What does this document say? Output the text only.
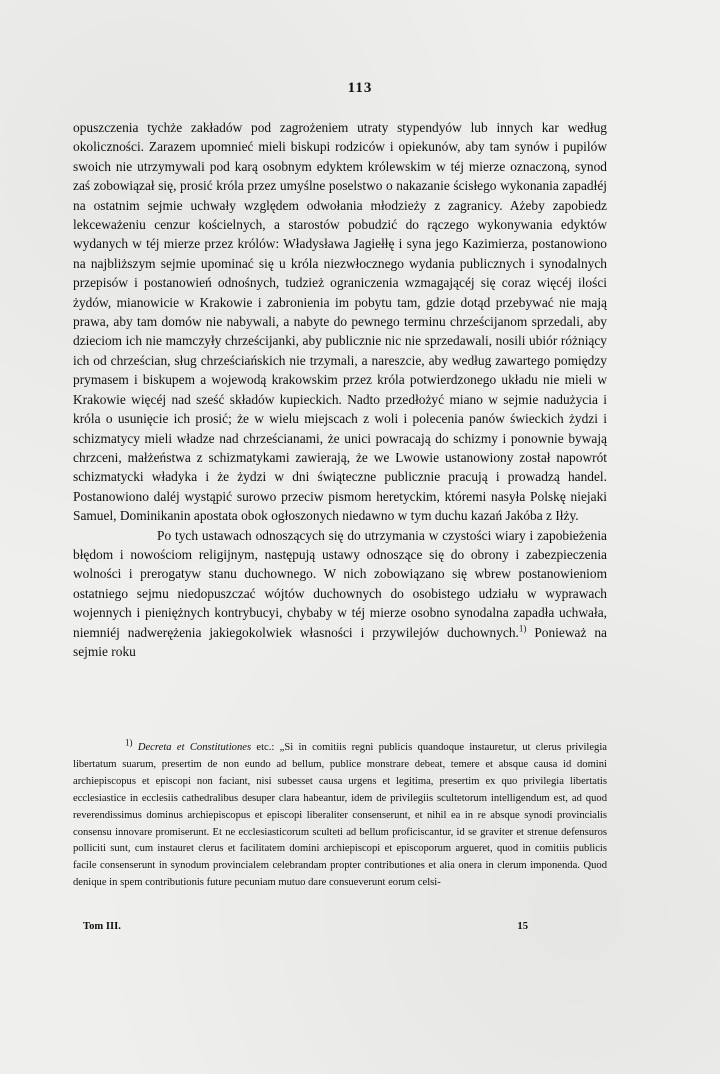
113

opuszczenia tychże zakładów pod zagrożeniem utraty stypendyów lub innych kar według okoliczności. Zarazem upomnieć mieli biskupi rodziców i opiekunów, aby tam synów i pupilów swoich nie utrzymywali pod karą osobnym edyktem królewskim w téj mierze oznaczoną, synod zaś zobowiązał się, prosić króla przez umyślne poselstwo o nakazanie ścisłego wykonania zapadłéj na ostatnim sejmie uchwały względem odwołania młodzieży z zagranicy. Ażeby zapobiedz lekceważeniu cenzur kościelnych, a starostów pobudzić do rączego wykonywania edyktów wydanych w téj mierze przez królów: Władysława Jagiełłę i syna jego Kazimierza, postanowiono na najbliższym sejmie upominać się u króla niezwłocznego wydania publicznych i synodalnych przepisów i postanowień odnośnych, tudzież ograniczenia wzmagającéj się coraz więcéj ilości żydów, mianowicie w Krakowie i zabronienia im pobytu tam, gdzie dotąd przebywać nie mają prawa, aby tam domów nie nabywali, a nabyte do pewnego terminu chrześcijanom sprzedali, aby dzieciom ich nie mamczyły chrześcijanki, aby publicznie nic nie sprzedawali, nosili ubiór różniący ich od chrześcian, sług chrześciańskich nie trzymali, a nareszcie, aby według zawartego pomiędzy prymasem i biskupem a wojewodą krakowskim przez króla potwierdzonego układu nie mieli w Krakowie więcéj nad sześć składów kupieckich. Nadto przedłożyć miano w sejmie nadużycia i króla o usunięcie ich prosić; że w wielu miejscach z woli i polecenia panów świeckich żydzi i schizmatycy mieli władze nad chrześcianami, że unici powracają do schizmy i ponownie bywają chrzceni, małżeństwa z schizmatykami zawierają, że we Lwowie ustanowiony został napowrót schizmatycki władyka i że żydzi w dni świąteczne publicznie pracują i prowadzą handel. Postanowiono daléj wystąpić surowo przeciw pismom heretyckim, któremi nasyła Polskę niejaki Samuel, Dominikanin apostata obok ogłoszonych niedawno w tym duchu kazań Jakóba z Iłży.

Po tych ustawach odnoszących się do utrzymania w czystości wiary i zapobieżenia błędom i nowościom religijnym, następują ustawy odnoszące się do obrony i zabezpieczenia wolności i prerogatyw stanu duchownego. W nich zobowiązano się wbrew postanowieniom ostatniego sejmu niedopuszczać wójtów duchownych do osobistego udziału w wyprawach wojennych i pieniężnych kontrybucyi, chybaby w téj mierze osobno synodalna zapadła uchwała, niemniéj nadwerężenia jakiegokolwiek własności i przywilejów duchownych.$^{1)}$ Ponieważ na sejmie roku

$^{1)}$ Decreta et Constitutiones etc.: „Si in comitiis regni publicis quandoque instauretur, ut clerus privilegia libertatum suarum, presertim de non eundo ad bellum, publice monstrare debeat, temere et absque causa id domini archiepiscopus et episcopi non faciant, nisi subesset causa urgens et legitima, presertim ex quo privilegia libertatis ecclesiastice in ecclesiis cathedralibus desuper clara habeantur, idem de privilegiis scultetorum intelligendum est, ad quod reverendissimus dominus archiepiscopus et episcopi liberaliter consenserunt, et nihil ea in re absque synodi provincialis consensu innovare promiserunt. Et ne ecclesiasticorum sculteti ad bellum proficiscantur, id se graviter et strenue defensuros polliciti sunt, cum instauret clerus et facilitatem domini archiepiscopi et episcoporum argueret, quod in comitiis publicis facile consenserunt in synodum provincialem celebrandam propter contributiones et alia onera in clerum imponenda. Quod denique in spem contributionis future pecuniam mutuo dare consueverunt eorum celsi-

Tom III.	15
